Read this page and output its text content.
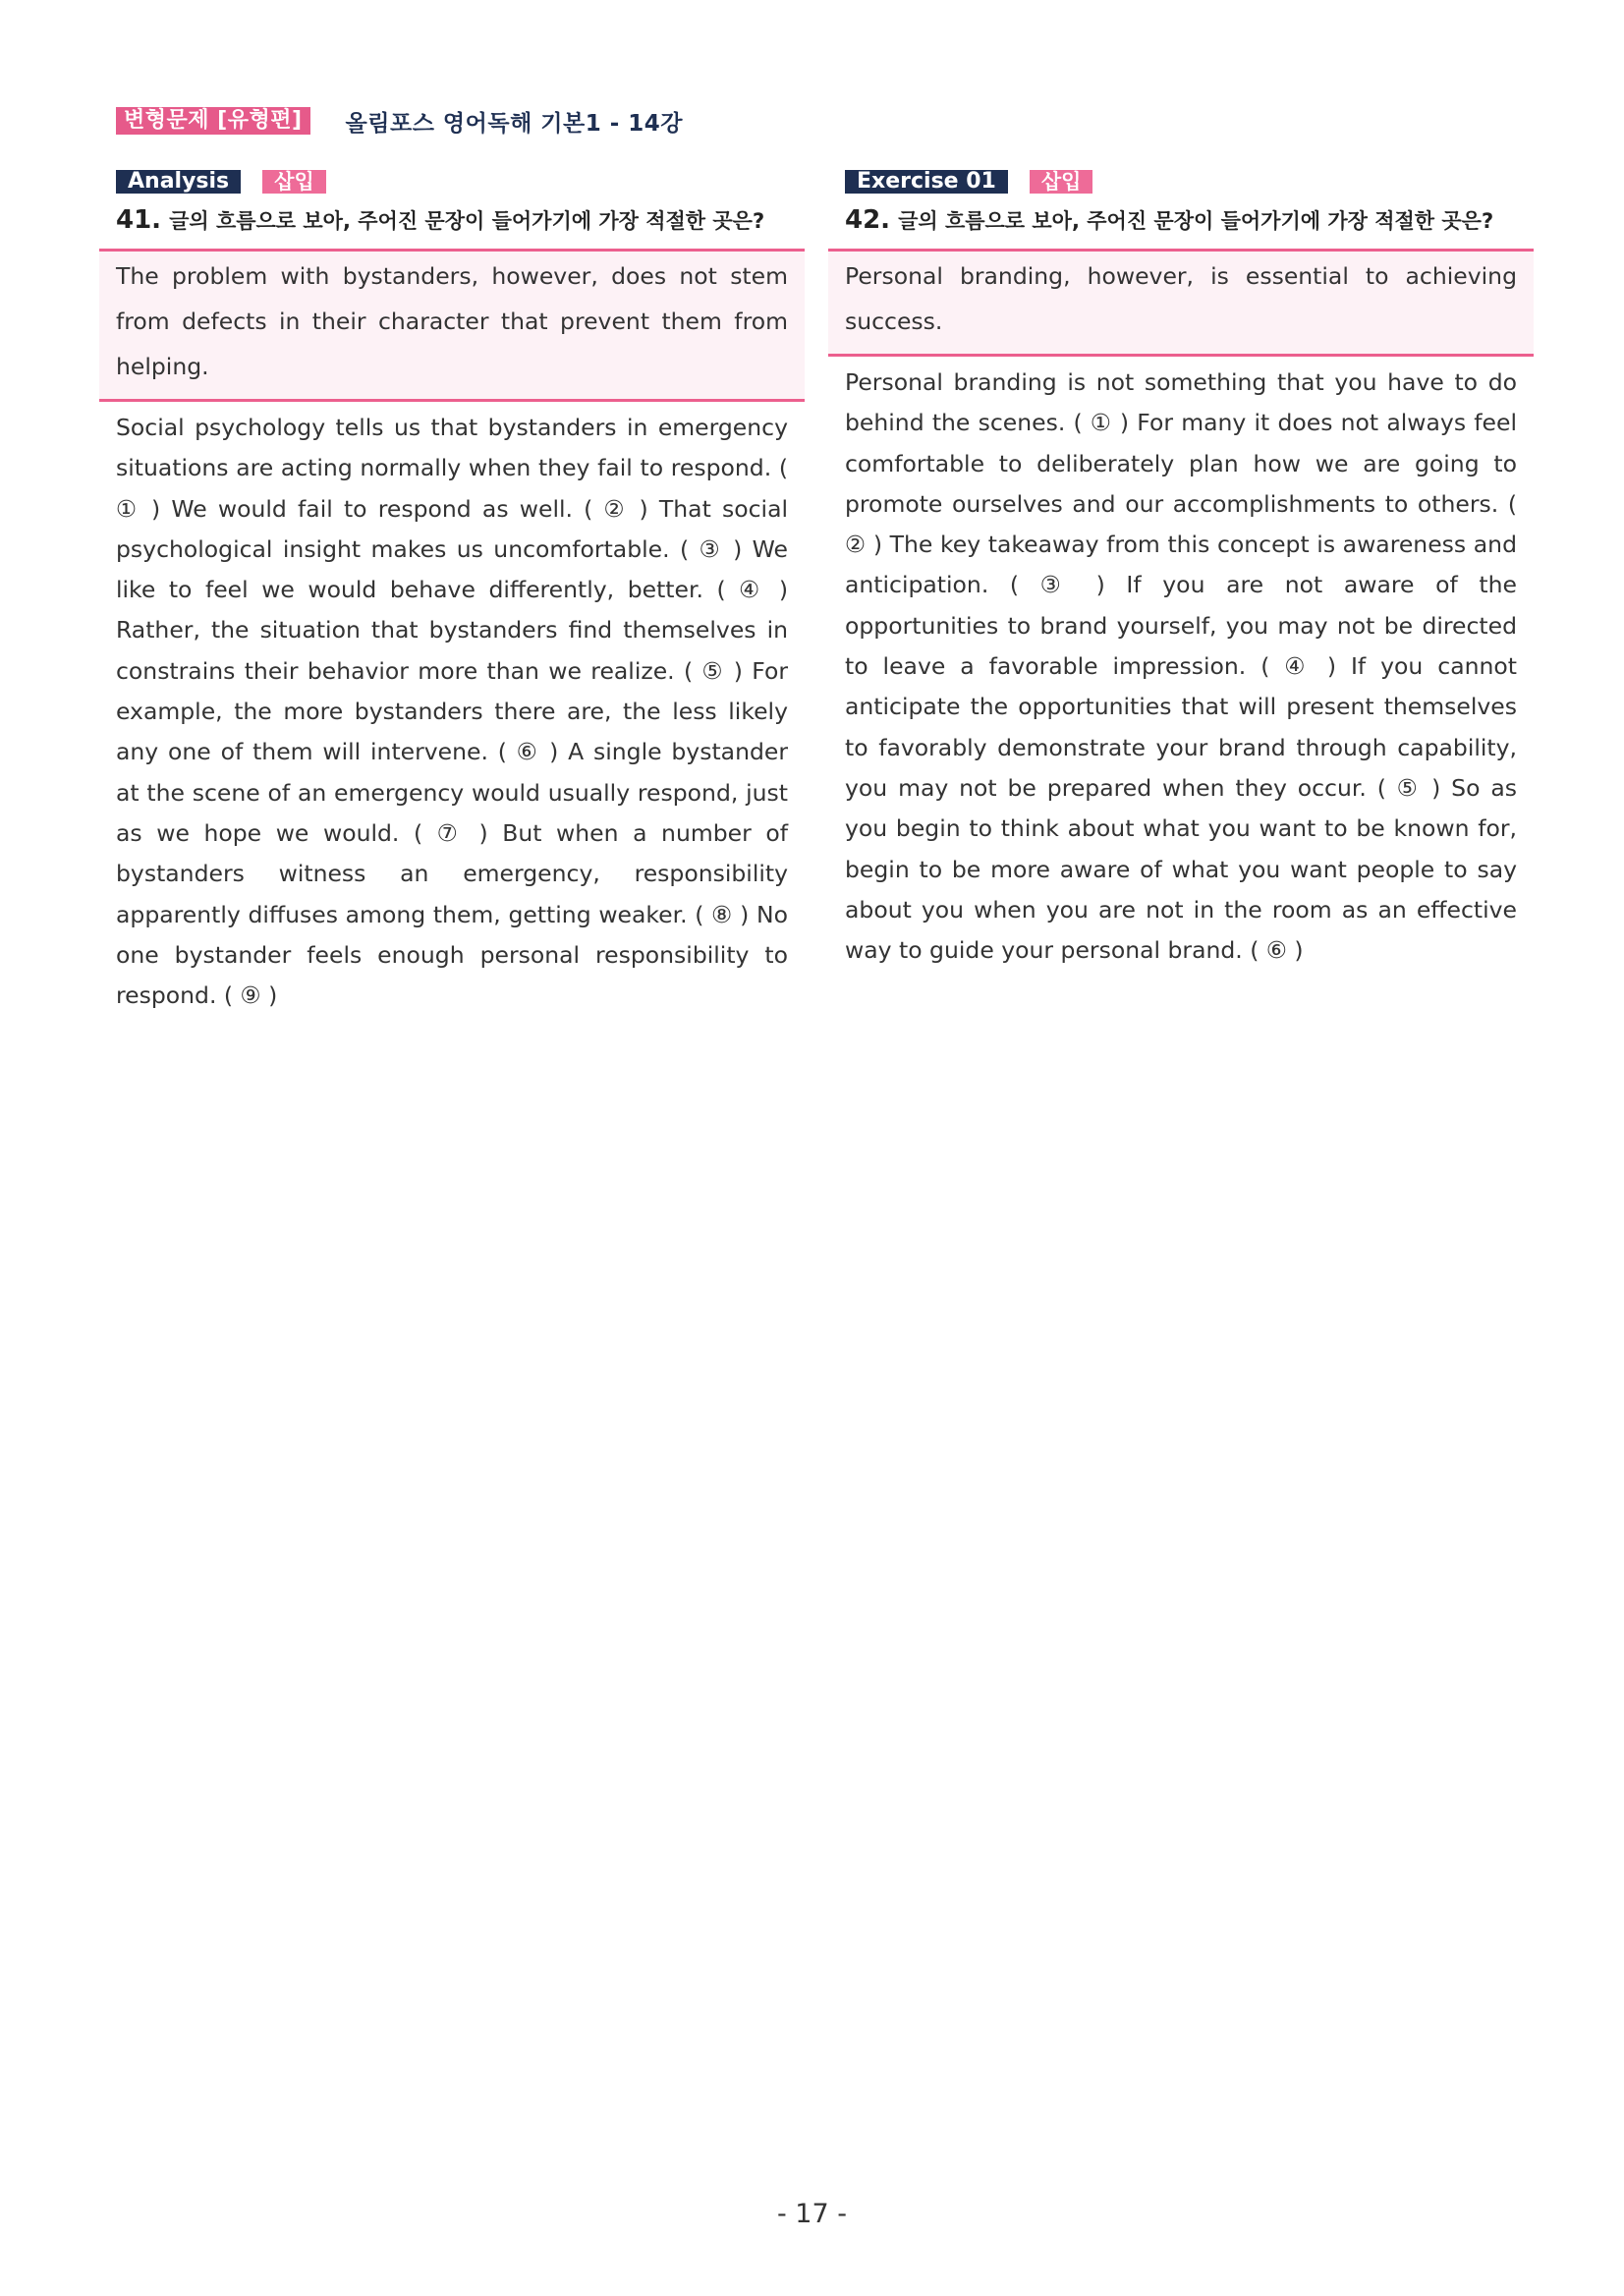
변형문제 [유형편]	올림포스 영어독해 기본1 - 14강
Analysis	삽입
41. 글의 흐름으로 보아, 주어진 문장이 들어가기에 가장 적절한 곳은?

The problem with bystanders, however, does not stem from defects in their character that prevent them from helping.

Social psychology tells us that bystanders in emergency situations are acting normally when they fail to respond. ( ① ) We would fail to respond as well. ( ② ) That social psychological insight makes us uncomfortable. ( ③ ) We like to feel we would behave differently, better. ( ④ ) Rather, the situation that bystanders find themselves in constrains their behavior more than we realize. ( ⑤ ) For example, the more bystanders there are, the less likely any one of them will intervene. ( ⑥ ) A single bystander at the scene of an emergency would usually respond, just as we hope we would. ( ⑦ ) But when a number of bystanders witness an emergency, responsibility apparently diffuses among them, getting weaker. ( ⑧ ) No one bystander feels enough personal responsibility to respond. ( ⑨ )

Exercise 01	삽입
42. 글의 흐름으로 보아, 주어진 문장이 들어가기에 가장 적절한 곳은?

Personal branding, however, is essential to achieving success.

Personal branding is not something that you have to do behind the scenes. ( ① ) For many it does not always feel comfortable to deliberately plan how we are going to promote ourselves and our accomplishments to others. ( ② ) The key takeaway from this concept is awareness and anticipation. ( ③ ) If you are not aware of the opportunities to brand yourself, you may not be directed to leave a favorable impression. ( ④ ) If you cannot anticipate the opportunities that will present themselves to favorably demonstrate your brand through capability, you may not be prepared when they occur. ( ⑤ ) So as you begin to think about what you want to be known for, begin to be more aware of what you want people to say about you when you are not in the room as an effective way to guide your personal brand. ( ⑥ )

- 17 -
